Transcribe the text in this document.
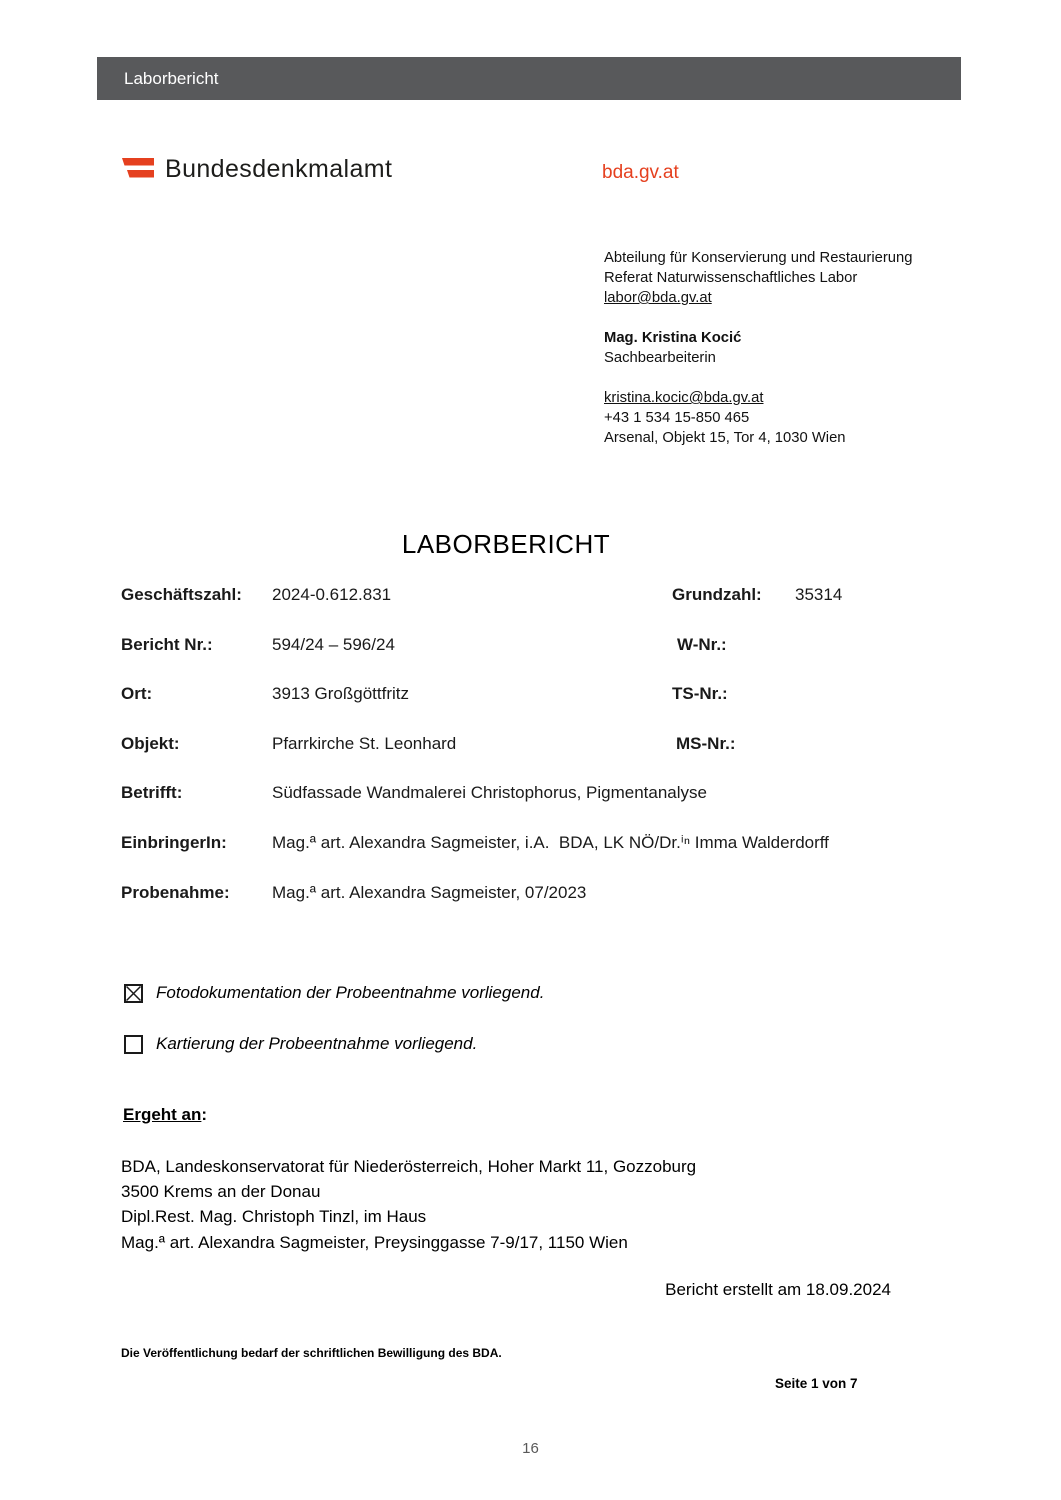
Laborbericht
Bundesdenkmalamt	bda.gv.at
Abteilung für Konservierung und Restaurierung
Referat Naturwissenschaftliches Labor
labor@bda.gv.at
Mag. Kristina Kocić
Sachbearbeiterin
kristina.kocic@bda.gv.at
+43 1 534 15-850 465
Arsenal, Objekt 15, Tor 4, 1030 Wien
LABORBERICHT
Geschäftszahl: 2024-0.612.831	Grundzahl: 35314
Bericht Nr.:	594/24 – 596/24	W-Nr.:
Ort:	3913 Großgöttfritz	TS-Nr.:
Objekt:	Pfarrkirche St. Leonhard	MS-Nr.:
Betrifft:	Südfassade Wandmalerei Christophorus, Pigmentanalyse
EinbringerIn:	Mag.ª art. Alexandra Sagmeister, i.A.  BDA, LK NÖ/Dr.ⁱⁿ Imma Walderdorff
Probenahme: Mag.ª art. Alexandra Sagmeister, 07/2023
Fotodokumentation der Probeentnahme vorliegend.
Kartierung der Probeentnahme vorliegend.
Ergeht an:
BDA, Landeskonservatorat für Niederösterreich, Hoher Markt 11, Gozzoburg
3500 Krems an der Donau
Dipl.Rest. Mag. Christoph Tinzl, im Haus
Mag.ª art. Alexandra Sagmeister, Preysinggasse 7-9/17, 1150 Wien
Bericht erstellt am 18.09.2024
Die Veröffentlichung bedarf der schriftlichen Bewilligung des BDA.
Seite 1 von 7
16
